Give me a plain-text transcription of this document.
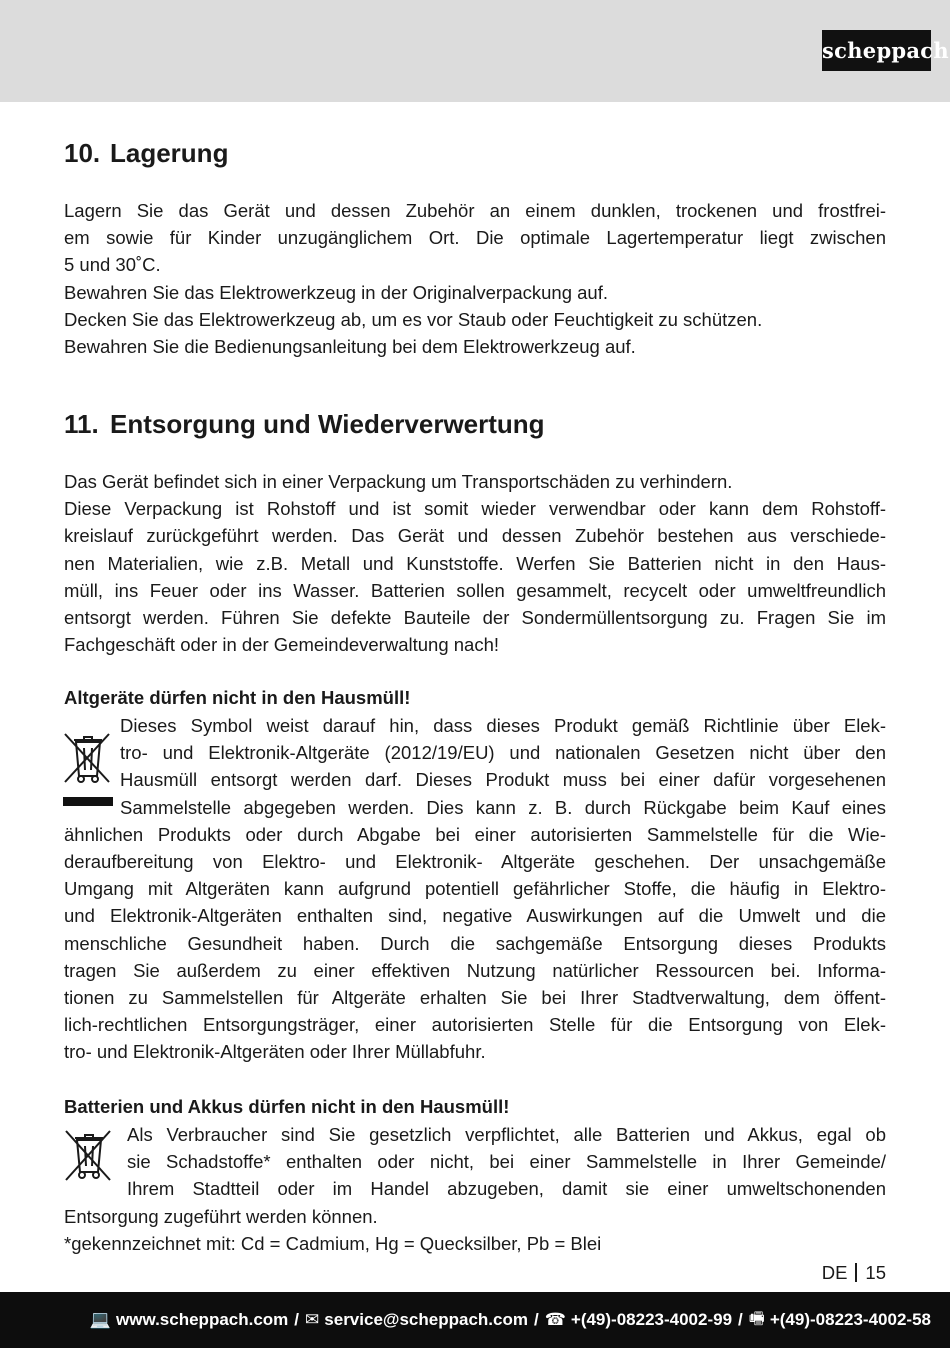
scheppach
10. Lagerung
Lagern Sie das Gerät und dessen Zubehör an einem dunklen, trockenen und frostfrei-
em sowie für Kinder unzugänglichem Ort. Die optimale Lagertemperatur liegt zwischen
5 und 30˚C.
Bewahren Sie das Elektrowerkzeug in der Originalverpackung auf.
Decken Sie das Elektrowerkzeug ab, um es vor Staub oder Feuchtigkeit zu schützen.
Bewahren Sie die Bedienungsanleitung bei dem Elektrowerkzeug auf.
11. Entsorgung und Wiederverwertung
Das Gerät befindet sich in einer Verpackung um Transportschäden zu verhindern.
Diese Verpackung ist Rohstoff und ist somit wieder verwendbar oder kann dem Rohstoff-
kreislauf zurückgeführt werden. Das Gerät und dessen Zubehör bestehen aus verschiede-
nen Materialien, wie z.B. Metall und Kunststoffe. Werfen Sie Batterien nicht in den Haus-
müll, ins Feuer oder ins Wasser. Batterien sollen gesammelt, recycelt oder umweltfreundlich
entsorgt werden. Führen Sie defekte Bauteile der Sondermüllentsorgung zu. Fragen Sie im
Fachgeschäft oder in der Gemeindeverwaltung nach!
Altgeräte dürfen nicht in den Hausmüll!
Dieses Symbol weist darauf hin, dass dieses Produkt gemäß Richtlinie über Elek-
tro- und Elektronik-Altgeräte (2012/19/EU) und nationalen Gesetzen nicht über den
Hausmüll entsorgt werden darf. Dieses Produkt muss bei einer dafür vorgesehenen
Sammelstelle abgegeben werden. Dies kann z. B. durch Rückgabe beim Kauf eines
ähnlichen Produkts oder durch Abgabe bei einer autorisierten Sammelstelle für die Wie-
deraufbereitung von Elektro- und Elektronik- Altgeräte geschehen. Der unsachgemäße
Umgang mit Altgeräten kann aufgrund potentiell gefährlicher Stoffe, die häufig in Elektro-
und Elektronik-Altgeräten enthalten sind, negative Auswirkungen auf die Umwelt und die
menschliche Gesundheit haben. Durch die sachgemäße Entsorgung dieses Produkts
tragen Sie außerdem zu einer effektiven Nutzung natürlicher Ressourcen bei. Informa-
tionen zu Sammelstellen für Altgeräte erhalten Sie bei Ihrer Stadtverwaltung, dem öffent-
lich-rechtlichen Entsorgungsträger, einer autorisierten Stelle für die Entsorgung von Elek-
tro- und Elektronik-Altgeräten oder Ihrer Müllabfuhr.
Batterien und Akkus dürfen nicht in den Hausmüll!
Als Verbraucher sind Sie gesetzlich verpflichtet, alle Batterien und Akkus, egal ob
sie Schadstoffe* enthalten oder nicht, bei einer Sammelstelle in Ihrer Gemeinde/
Ihrem Stadtteil oder im Handel abzugeben, damit sie einer umweltschonenden
Entsorgung zugeführt werden können.
*gekennzeichnet mit: Cd = Cadmium, Hg = Quecksilber, Pb = Blei
DE 15
💻 www.scheppach.com / ✉ service@scheppach.com / ☎ +(49)-08223-4002-99 / 🖷 +(49)-08223-4002-58
